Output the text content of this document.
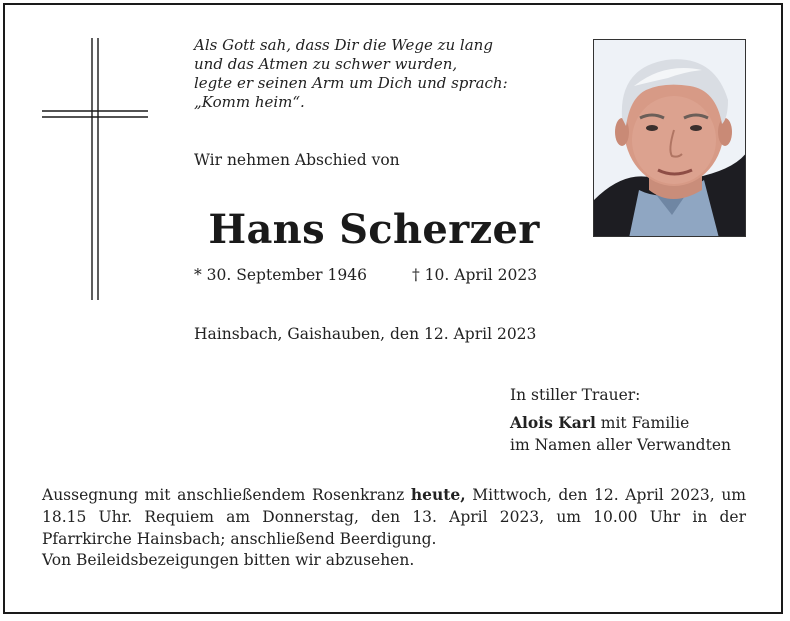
Als Gott sah, dass Dir die Wege zu lang
und das Atmen zu schwer wurden,
legte er seinen Arm um Dich und sprach:
„Komm heim“.
Wir nehmen Abschied von
Hans Scherzer
* 30. September 1946	† 10. April 2023
Hainsbach, Gaishauben, den 12. April 2023
In stiller Trauer:
Alois Karl mit Familie
im Namen aller Verwandten
Aussegnung mit anschließendem Rosenkranz heute, Mittwoch, den 12. April 2023, um 18.15 Uhr. Requiem am Donnerstag, den 13. April 2023, um 10.00 Uhr in der Pfarrkirche Hainsbach; anschließend Beerdigung.
Von Beileidsbezeigungen bitten wir abzusehen.
